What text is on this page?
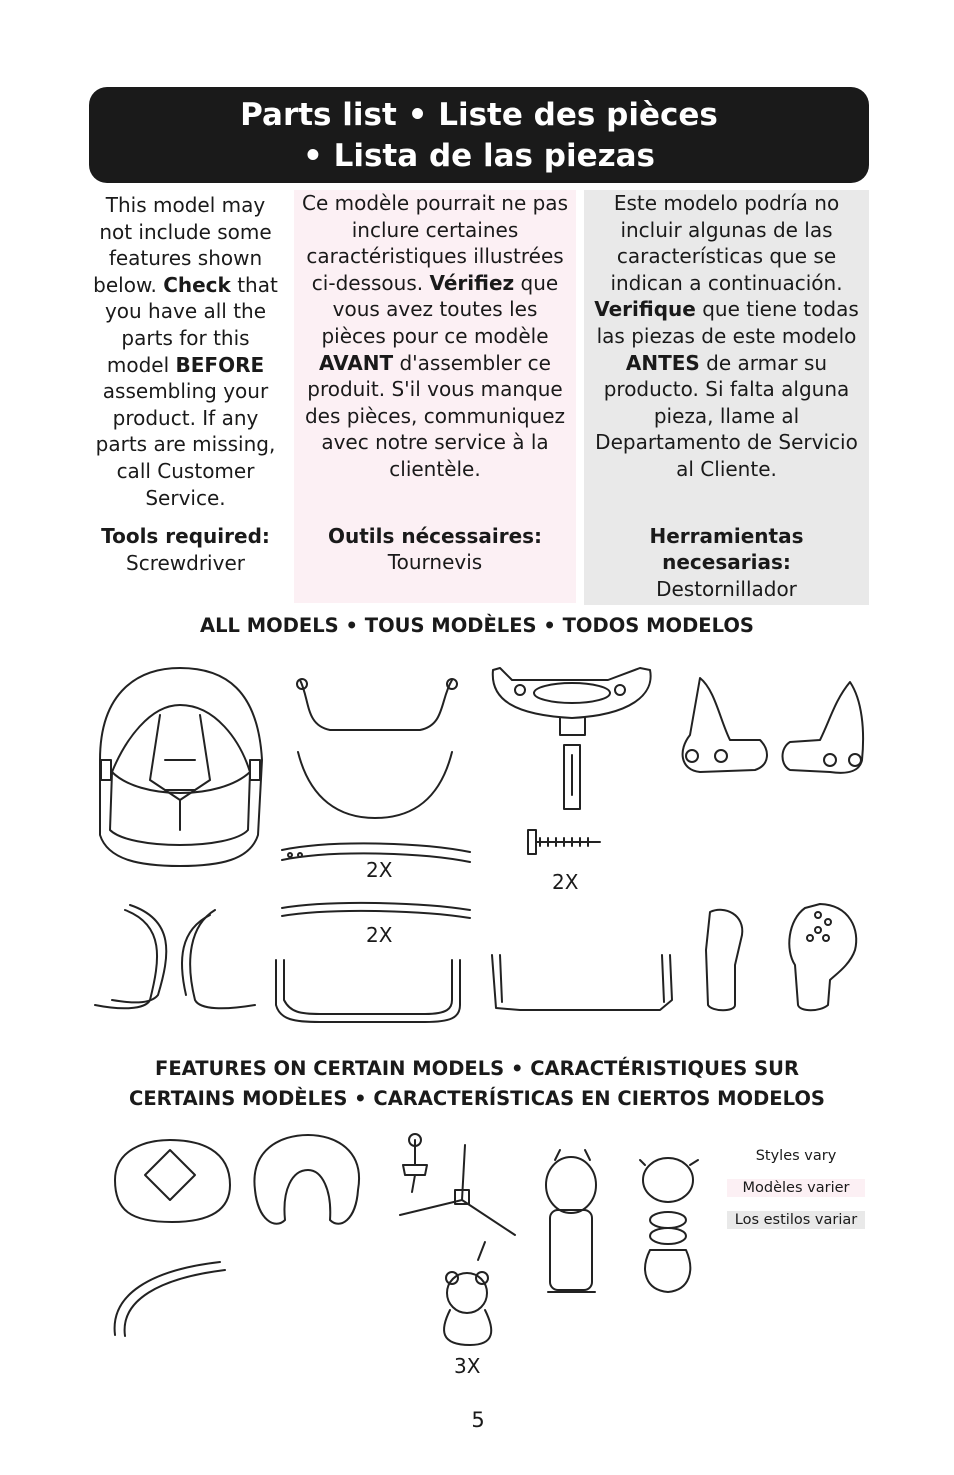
Parts list • Liste des pièces
• Lista de las piezas

This model may not include some features shown below. Check that you have all the parts for this model BEFORE assembling your product. If any parts are missing, call Customer Service.

Tools required:
Screwdriver

Ce modèle pourrait ne pas inclure certaines caractéristiques illustrées ci-dessous. Vérifiez que vous avez toutes les pièces pour ce modèle AVANT d'assembler ce produit. S'il vous manque des pièces, communiquez avec notre service à la clientèle.

Outils nécessaires:
Tournevis

Este modelo podría no incluir algunas de las características que se indican a continuación. Verifique que tiene todas las piezas de este modelo ANTES de armar su producto. Si falta alguna pieza, llame al Departamento de Servicio al Cliente.

Herramientas necesarias:
Destornillador

ALL MODELS • TOUS MODÈLES • TODOS MODELOS
FEATURES ON CERTAIN MODELS • CARACTÉRISTIQUES SUR
CERTAINS MODÈLES • CARACTERÍSTICAS EN CIERTOS MODELOS
2X	2X
2X
3X
Styles vary
Modèles varier
Los estilos variar
5
